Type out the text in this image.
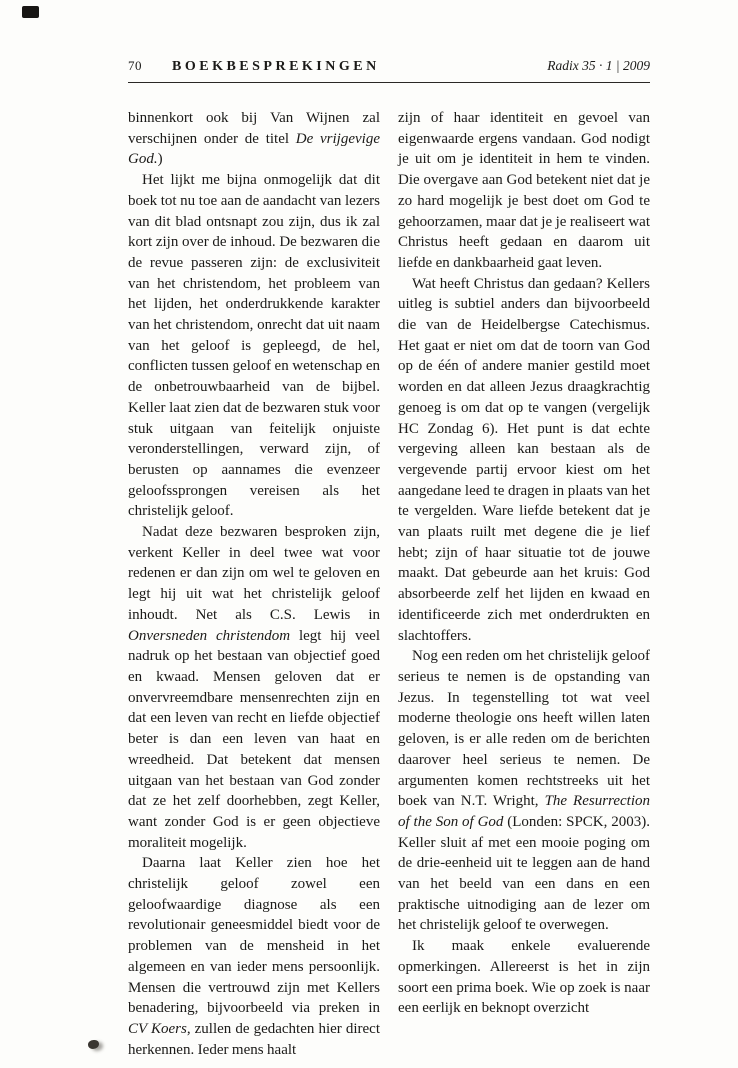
70 BOEKBESPREKINGEN	Radix 35 · 1 | 2009

binnenkort ook bij Van Wijnen zal verschijnen onder de titel De vrijgevige God.)

Het lijkt me bijna onmogelijk dat dit boek tot nu toe aan de aandacht van lezers van dit blad ontsnapt zou zijn, dus ik zal kort zijn over de inhoud. De bezwaren die de revue passeren zijn: de exclusiviteit van het christendom, het probleem van het lijden, het onderdrukkende karakter van het christendom, onrecht dat uit naam van het geloof is gepleegd, de hel, conflicten tussen geloof en wetenschap en de onbetrouwbaarheid van de bijbel. Keller laat zien dat de bezwaren stuk voor stuk uitgaan van feitelijk onjuiste veronderstellingen, verward zijn, of berusten op aannames die evenzeer geloofssprongen vereisen als het christelijk geloof.

Nadat deze bezwaren besproken zijn, verkent Keller in deel twee wat voor redenen er dan zijn om wel te geloven en legt hij uit wat het christelijk geloof inhoudt. Net als C.S. Lewis in Onversneden christendom legt hij veel nadruk op het bestaan van objectief goed en kwaad. Mensen geloven dat er onvervreemdbare mensenrechten zijn en dat een leven van recht en liefde objectief beter is dan een leven van haat en wreedheid. Dat betekent dat mensen uitgaan van het bestaan van God zonder dat ze het zelf doorhebben, zegt Keller, want zonder God is er geen objectieve moraliteit mogelijk.

Daarna laat Keller zien hoe het christelijk geloof zowel een geloofwaardige diagnose als een revolutionair geneesmiddel biedt voor de problemen van de mensheid in het algemeen en van ieder mens persoonlijk. Mensen die vertrouwd zijn met Kellers benadering, bijvoorbeeld via preken in CV Koers, zullen de gedachten hier direct herkennen. Ieder mens haalt

zijn of haar identiteit en gevoel van eigenwaarde ergens vandaan. God nodigt je uit om je identiteit in hem te vinden. Die overgave aan God betekent niet dat je zo hard mogelijk je best doet om God te gehoorzamen, maar dat je je realiseert wat Christus heeft gedaan en daarom uit liefde en dankbaarheid gaat leven.

Wat heeft Christus dan gedaan? Kellers uitleg is subtiel anders dan bijvoorbeeld die van de Heidelbergse Catechismus. Het gaat er niet om dat de toorn van God op de één of andere manier gestild moet worden en dat alleen Jezus draagkrachtig genoeg is om dat op te vangen (vergelijk HC Zondag 6). Het punt is dat echte vergeving alleen kan bestaan als de vergevende partij ervoor kiest om het aangedane leed te dragen in plaats van het te vergelden. Ware liefde betekent dat je van plaats ruilt met degene die je lief hebt; zijn of haar situatie tot de jouwe maakt. Dat gebeurde aan het kruis: God absorbeerde zelf het lijden en kwaad en identificeerde zich met onderdrukten en slachtoffers.

Nog een reden om het christelijk geloof serieus te nemen is de opstanding van Jezus. In tegenstelling tot wat veel moderne theologie ons heeft willen laten geloven, is er alle reden om de berichten daarover heel serieus te nemen. De argumenten komen rechtstreeks uit het boek van N.T. Wright, The Resurrection of the Son of God (Londen: SPCK, 2003). Keller sluit af met een mooie poging om de drie-eenheid uit te leggen aan de hand van het beeld van een dans en een praktische uitnodiging aan de lezer om het christelijk geloof te overwegen.

Ik maak enkele evaluerende opmerkingen. Allereerst is het in zijn soort een prima boek. Wie op zoek is naar een eerlijk en beknopt overzicht
